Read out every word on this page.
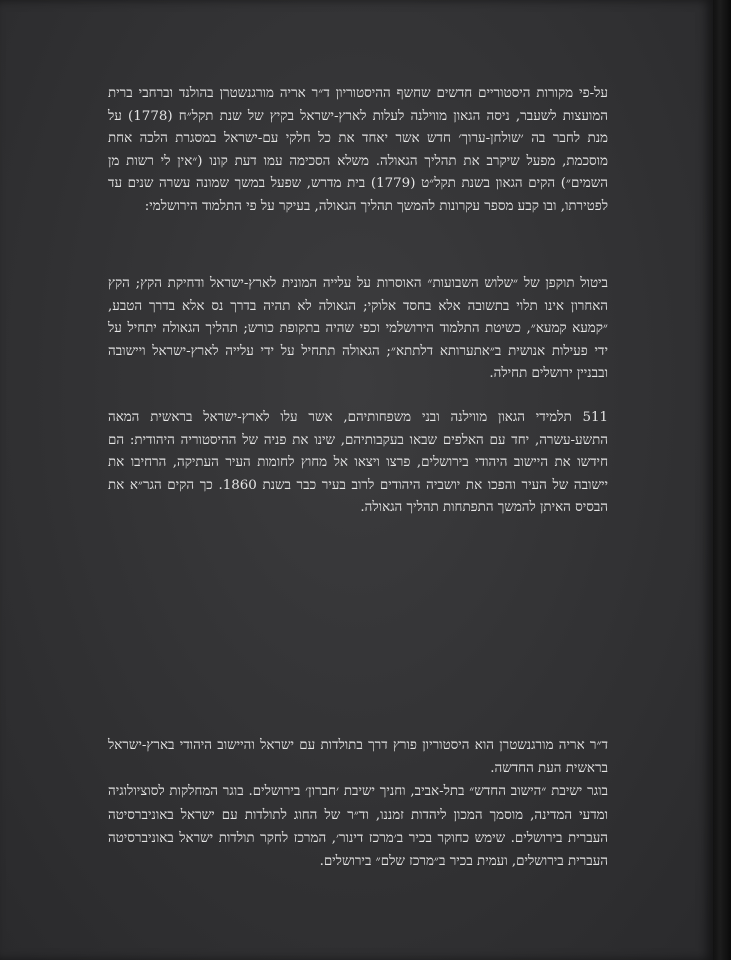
על-פי מקורות היסטוריים חדשים שחשף ההיסטוריון ד״ר אריה מורגנשטרן בהולנד וברחבי ברית המועצות לשעבר, ניסה הגאון מווילנה לעלות לארץ-ישראל בקיץ של שנת תקל״ח (1778) על מנת לחבר בה ׳שולחן-ערוך׳ חדש אשר יאחד את כל חלקי עם-ישראל במסגרת הלכה אחת מוסכמת, מפעל שיקרב את תהליך הגאולה. משלא הסכימה עמו דעת קונו (״אין לי רשות מן השמים״) הקים הגאון בשנת תקל״ט (1779) בית מדרש, שפעל במשך שמונה עשרה שנים עד לפטירתו, ובו קבע מספר עקרונות להמשך תהליך הגאולה, בעיקר על פי התלמוד הירושלמי:

ביטול תוקפן של ״שלוש השבועות״ האוסרות על עלייה המונית לארץ-ישראל ודחיקת הקץ; הקץ האחרון אינו תלוי בתשובה אלא בחסד אלוקי; הגאולה לא תהיה בדרך נס אלא בדרך הטבע, ״קמעא קמעא״, כשיטת התלמוד הירושלמי וכפי שהיה בתקופת כורש; תהליך הגאולה יתחיל על ידי פעילות אנושית ב״אתערותא דלתתא״; הגאולה תתחיל על ידי עלייה לארץ-ישראל ויישובה ובבניין ירושלים תחילה.

511 תלמידי הגאון מווילנה ובני משפחותיהם, אשר עלו לארץ-ישראל בראשית המאה התשע-עשרה, יחד עם האלפים שבאו בעקבותיהם, שינו את פניה של ההיסטוריה היהודית: הם חידשו את היישוב היהודי בירושלים, פרצו ויצאו אל מחוץ לחומות העיר העתיקה, הרחיבו את יישובה של העיר והפכו את יושביה היהודים לרוב בעיר כבר בשנת 1860. כך הקים הגר״א את הבסיס האיתן להמשך התפתחות תהליך הגאולה.

ד״ר אריה מורגנשטרן הוא היסטוריון פורץ דרך בתולדות עם ישראל והיישוב היהודי בארץ-ישראל בראשית העת החדשה.

בוגר ישיבת ״הישוב החדש״ בתל-אביב, וחניך ישיבת ׳חברון׳ בירושלים. בוגר המחלקות לסוציולוגיה ומדעי המדינה, מוסמך המכון ליהדות זמננו, וד״ר של החוג לתולדות עם ישראל באוניברסיטה העברית בירושלים. שימש כחוקר בכיר ב׳מרכז דינור׳, המרכז לחקר תולדות ישראל באוניברסיטה העברית בירושלים, ועמית בכיר ב״מרכז שלם״ בירושלים.
